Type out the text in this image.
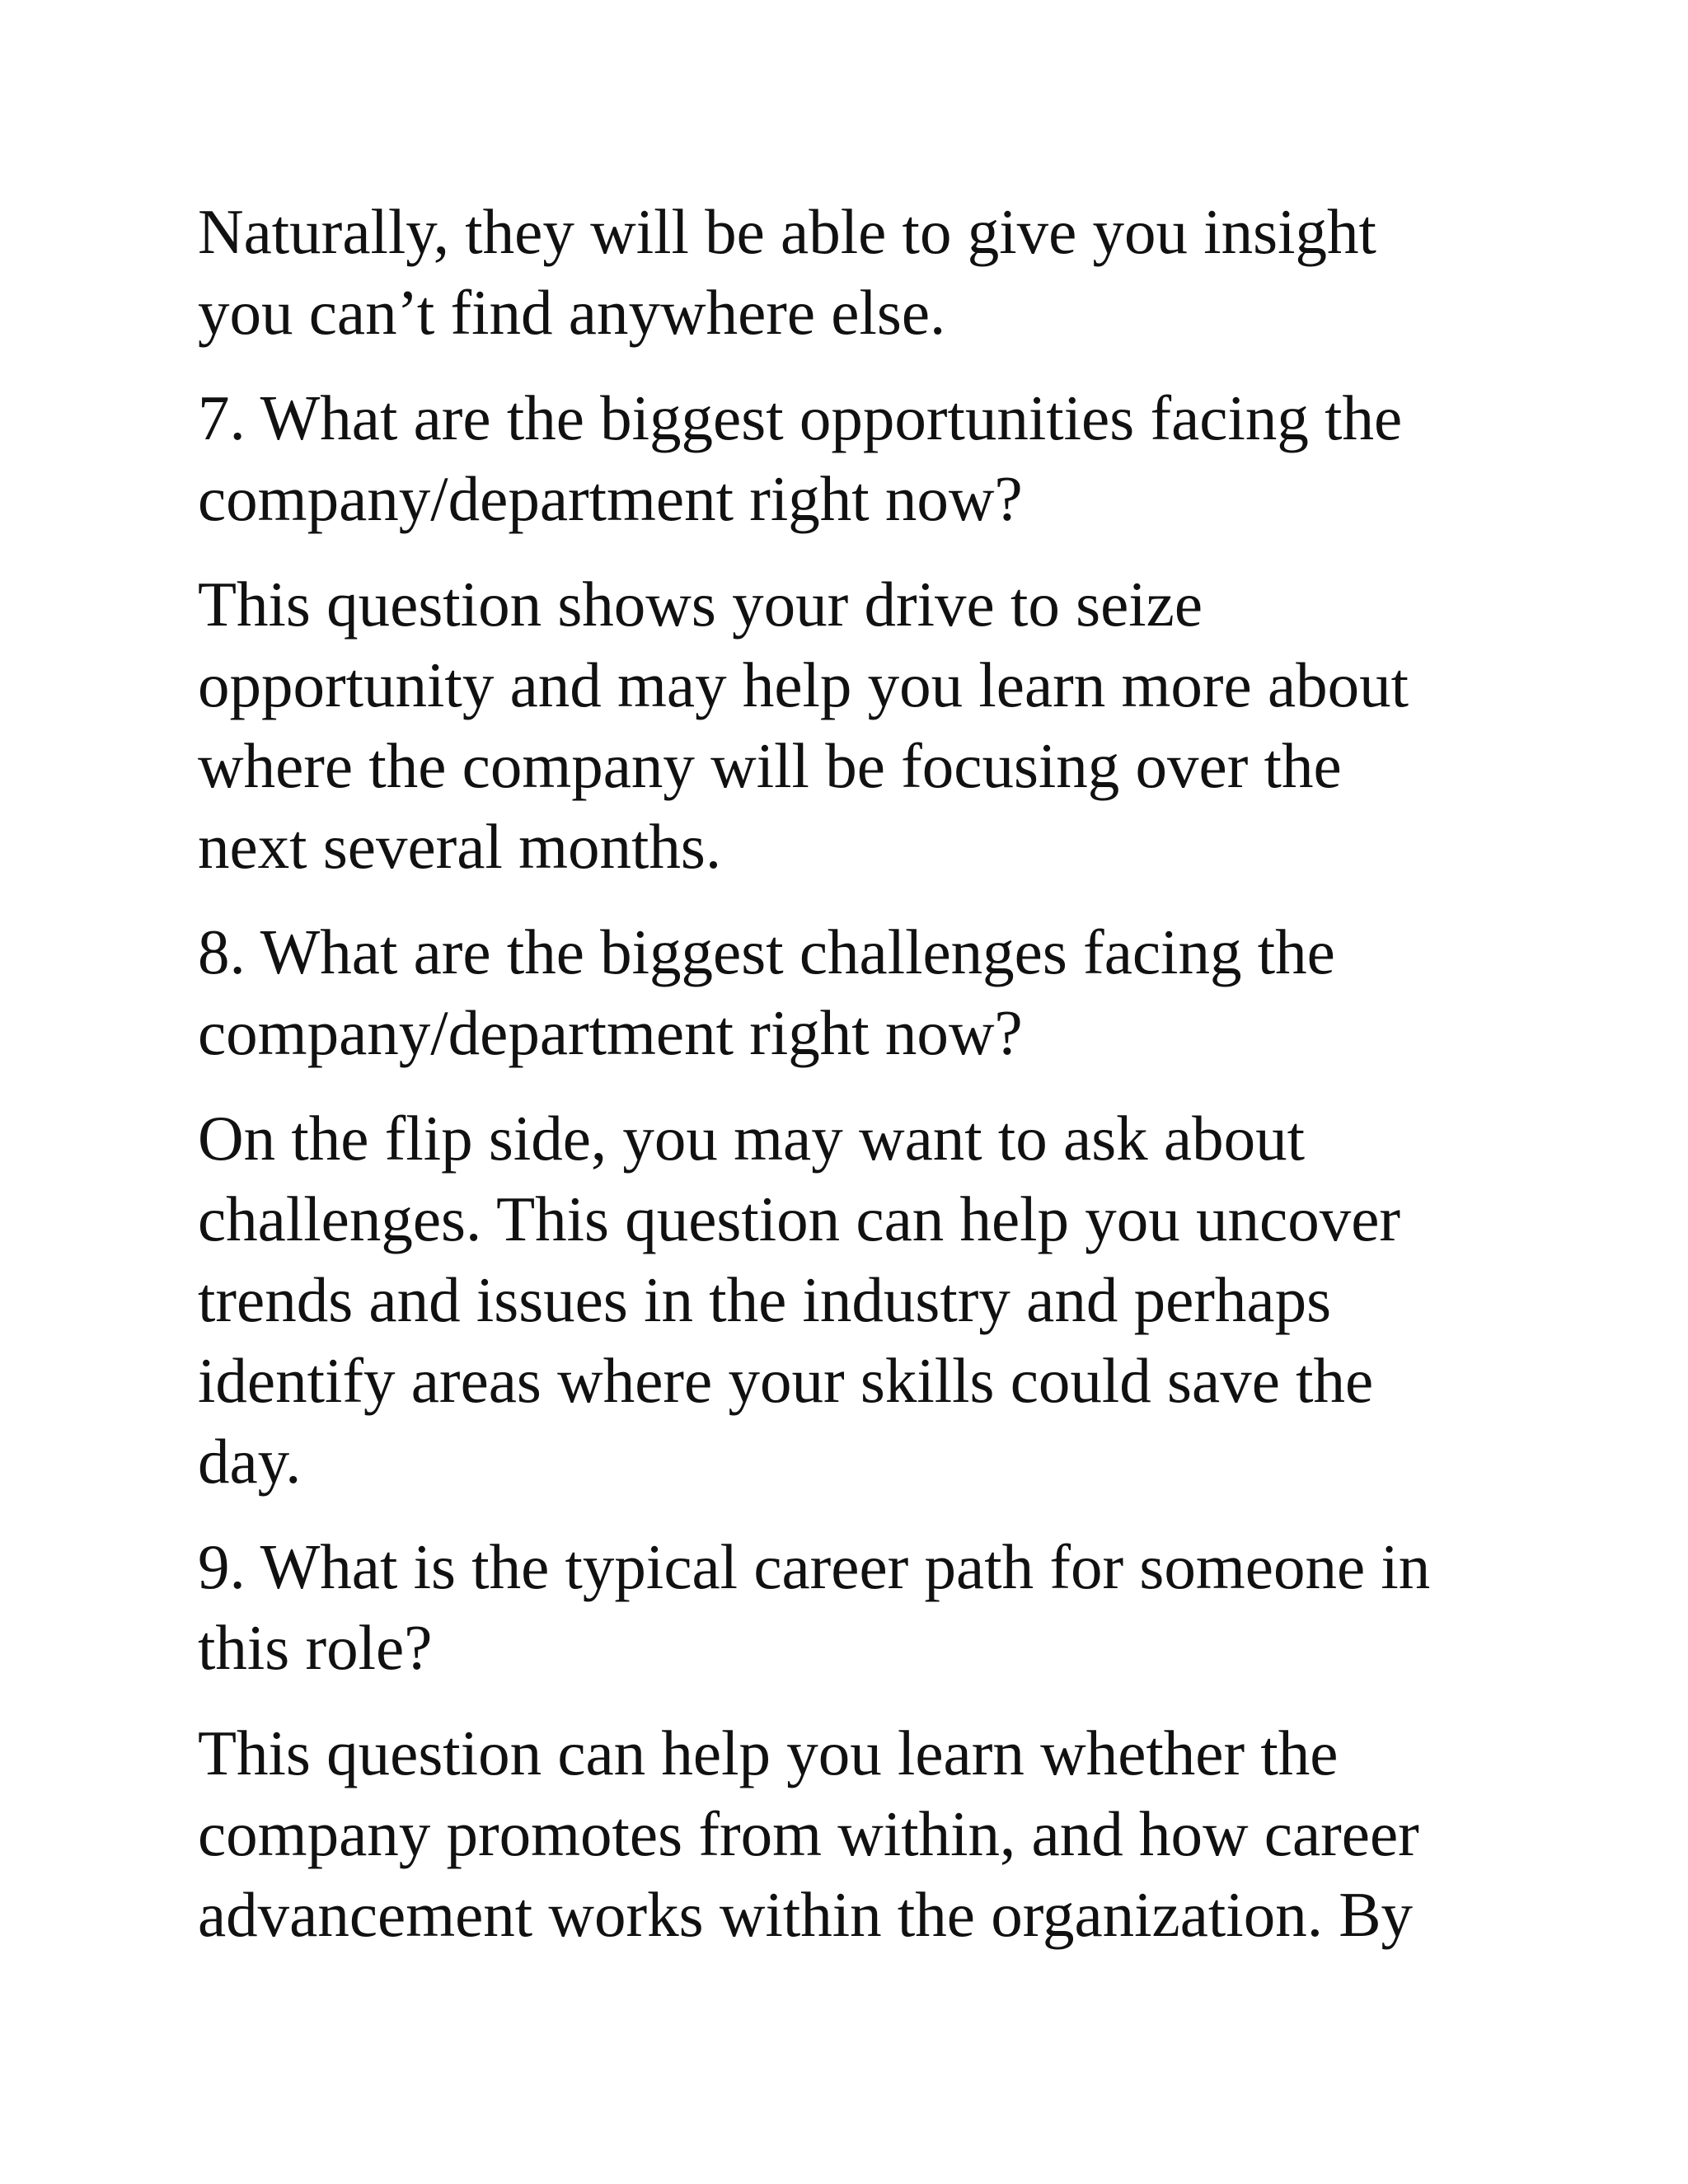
Naturally, they will be able to give you insight
you can’t find anywhere else.

7. What are the biggest opportunities facing the
company/department right now?

This question shows your drive to seize
opportunity and may help you learn more about
where the company will be focusing over the
next several months.

8. What are the biggest challenges facing the
company/department right now?

On the flip side, you may want to ask about
challenges. This question can help you uncover
trends and issues in the industry and perhaps
identify areas where your skills could save the
day.

9. What is the typical career path for someone in
this role?

This question can help you learn whether the
company promotes from within, and how career
advancement works within the organization. By
